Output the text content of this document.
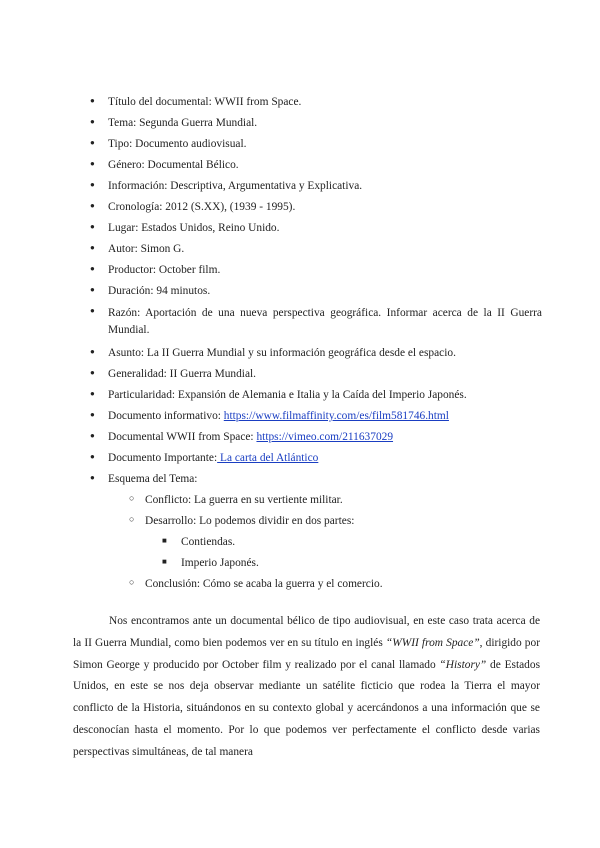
● Título del documental: WWII from Space.
● Tema: Segunda Guerra Mundial.
● Tipo: Documento audiovisual.
● Género: Documental Bélico.
● Información: Descriptiva, Argumentativa y Explicativa.
● Cronología: 2012 (S.XX), (1939 - 1995).
● Lugar: Estados Unidos, Reino Unido.
● Autor: Simon G.
● Productor: October film.
● Duración: 94 minutos.
● Razón: Aportación de una nueva perspectiva geográfica. Informar acerca de la II Guerra Mundial.
● Asunto: La II Guerra Mundial y su información geográfica desde el espacio.
● Generalidad: II Guerra Mundial.
● Particularidad: Expansión de Alemania e Italia y la Caída del Imperio Japonés.
● Documento informativo: https://www.filmaffinity.com/es/film581746.html
● Documental WWII from Space: https://vimeo.com/211637029
● Documento Importante: La carta del Atlántico
● Esquema del Tema:
○ Conflicto: La guerra en su vertiente militar.
○ Desarrollo: Lo podemos dividir en dos partes:
■ Contiendas.
■ Imperio Japonés.
○ Conclusión: Cómo se acaba la guerra y el comercio.

Nos encontramos ante un documental bélico de tipo audiovisual, en este caso trata acerca de la II Guerra Mundial, como bien podemos ver en su título en inglés “WWII from Space”, dirigido por Simon George y producido por October film y realizado por el canal llamado “History” de Estados Unidos, en este se nos deja observar mediante un satélite ficticio que rodea la Tierra el mayor conflicto de la Historia, situándonos en su contexto global y acercándonos a una información que se desconocían hasta el momento. Por lo que podemos ver perfectamente el conflicto desde varias perspectivas simultáneas, de tal manera
